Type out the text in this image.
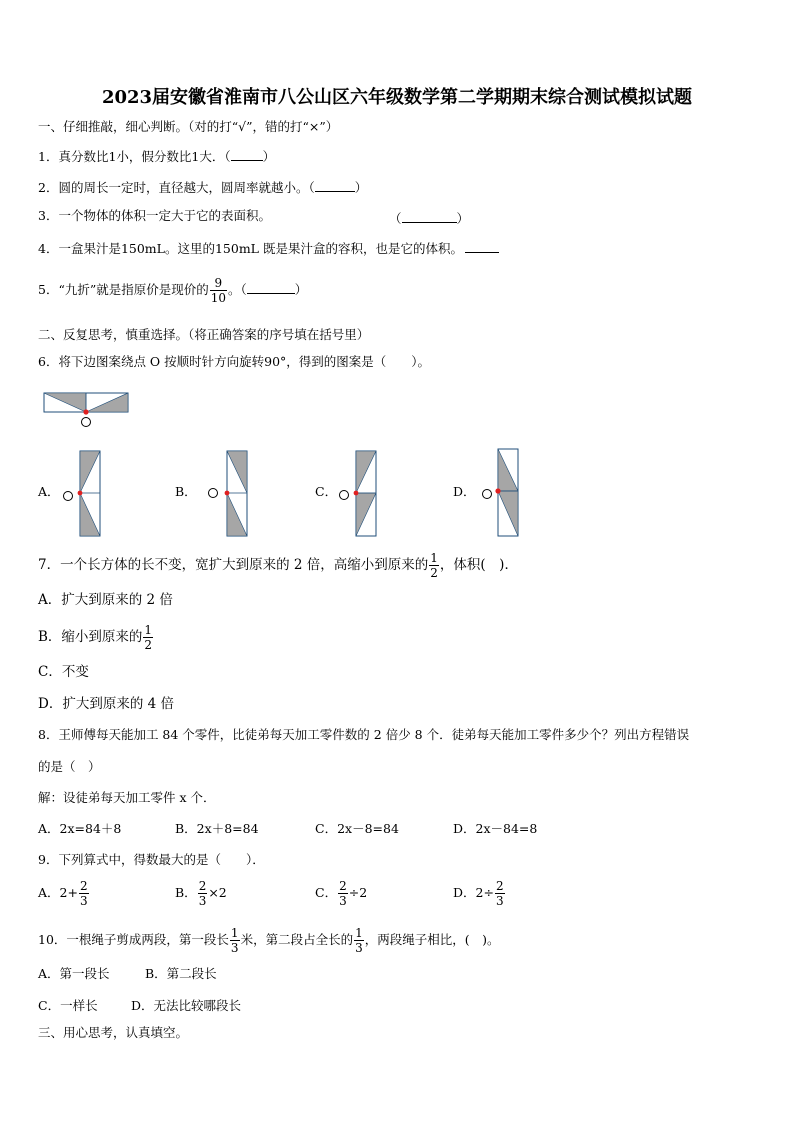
2023届安徽省淮南市八公山区六年级数学第二学期期末综合测试模拟试题
一、仔细推敲，细心判断。（对的打“√”，错的打“×”）
1．真分数比1小，假分数比1大．（	）
2．圆的周长一定时，直径越大，圆周率就越小。（	）
3．一个物体的体积一定大于它的表面积。	（	）
4．一盒果汁是150mL。这里的150mL 既是果汁盒的容积，也是它的体积。
5．“九折”就是指原价是现价的 $\frac{9}{10}$ 。（	）
二、反复思考，慎重选择。（将正确答案的序号填在括号里）
6．将下边图案绕点 O 按顺时针方向旋转90°，得到的图案是（　　）。
A．	B．	C．	D．
7．一个长方体的长不变，宽扩大到原来的 2 倍，高缩小到原来的 $\frac{1}{2}$ ，体积(　)．
A．扩大到原来的 2 倍
B．缩小到原来的 $\frac{1}{2}$
C．不变
D．扩大到原来的 4 倍
8．王师傅每天能加工 84 个零件，比徒弟每天加工零件数的 2 倍少 8 个．徒弟每天能加工零件多少个？列出方程错误
的是（　）
解：设徒弟每天加工零件 x 个．
A．2x=84＋8	B．2x＋8=84	C．2x－8=84	D．2x－84=8
9．下列算式中，得数最大的是（　　）．
A．$2+ \frac{2}{3}$	B． $\frac{2}{3} \times 2$	C． $\frac{2}{3} \div 2$	D．$2\div \frac{2}{3}$
10．一根绳子剪成两段，第一段长 $\frac{1}{3}$ 米，第二段占全长的 $\frac{1}{3}$ ，两段绳子相比，(　)。
A．第一段长	B．第二段长
C．一样长	D．无法比较哪段长
三、用心思考，认真填空。
